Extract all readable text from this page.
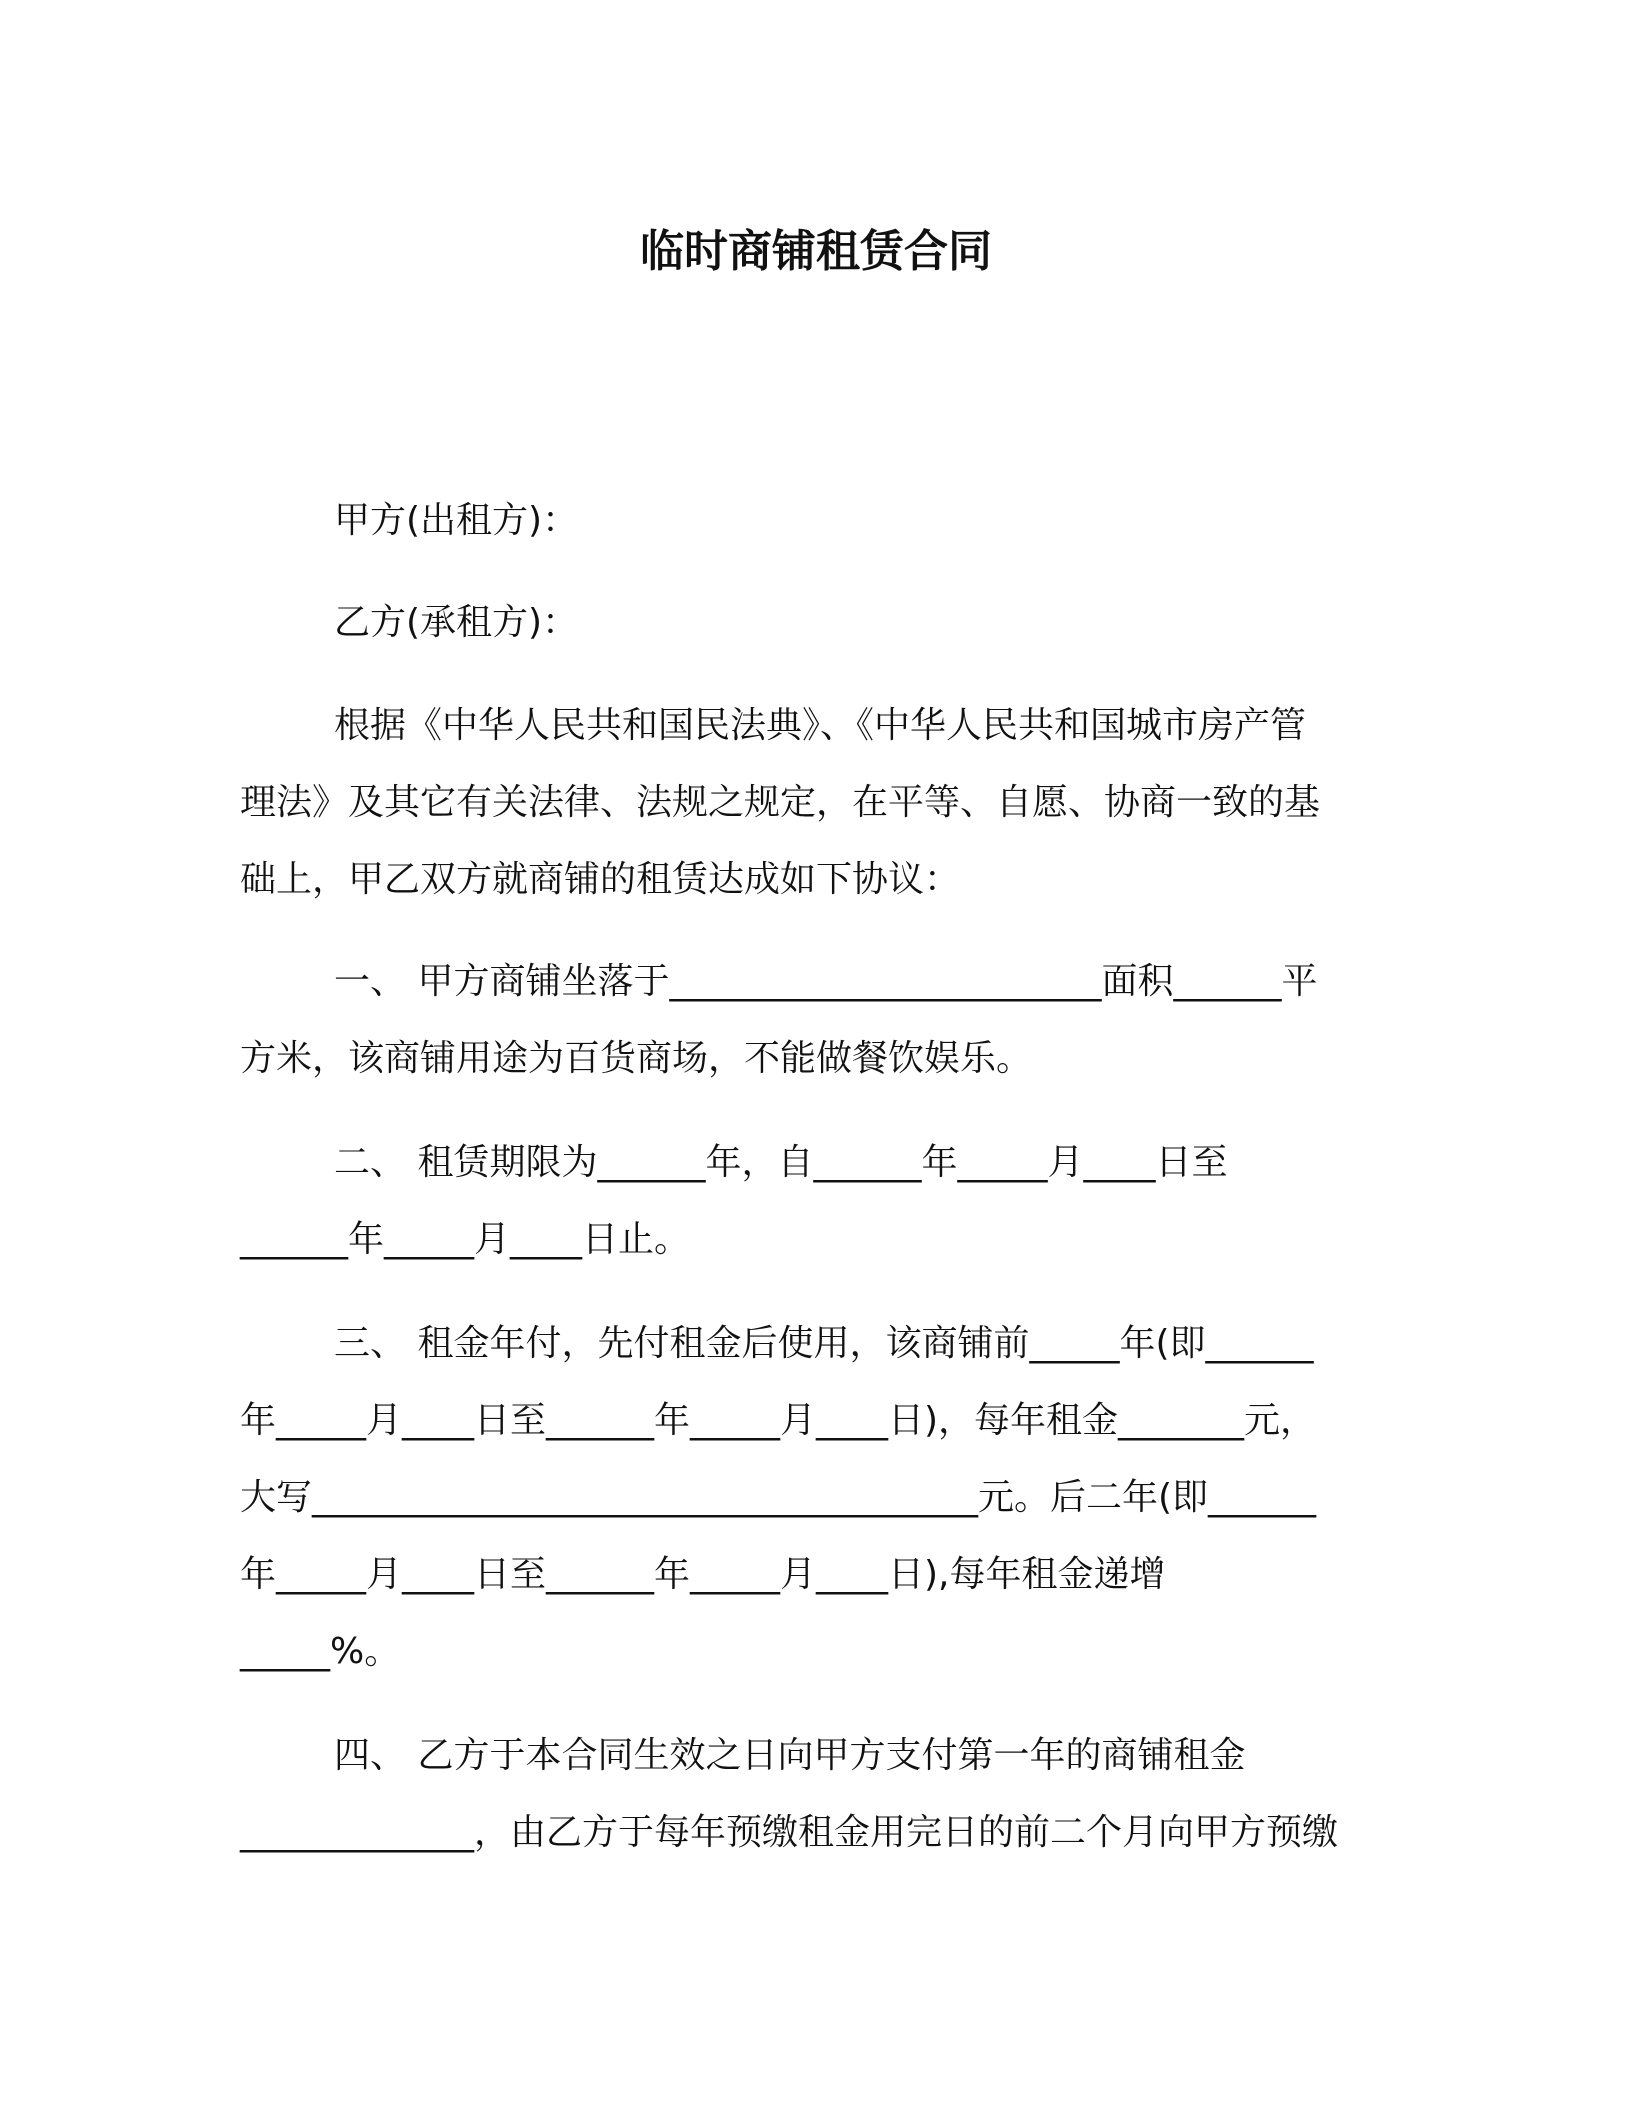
临时商铺租赁合同
甲方(出租方)：
乙方(承租方)：
根据《中华人民共和国民法典》、《中华人民共和国城市房产管
理法》及其它有关法律、法规之规定，在平等、自愿、协商一致的基
础上，甲乙双方就商铺的租赁达成如下协议：
一、 甲方商铺坐落于________________________面积______平
方米，该商铺用途为百货商场，不能做餐饮娱乐。
二、 租赁期限为______年，自______年_____月____日至
______年_____月____日止。
三、 租金年付，先付租金后使用，该商铺前_____年(即______
年_____月____日至______年_____月____日)，每年租金_______元，
大写_____________________________________元。后二年(即______
年_____月____日至______年_____月____日),每年租金递增
_____%。
四、 乙方于本合同生效之日向甲方支付第一年的商铺租金
_____________，由乙方于每年预缴租金用完日的前二个月向甲方预缴
